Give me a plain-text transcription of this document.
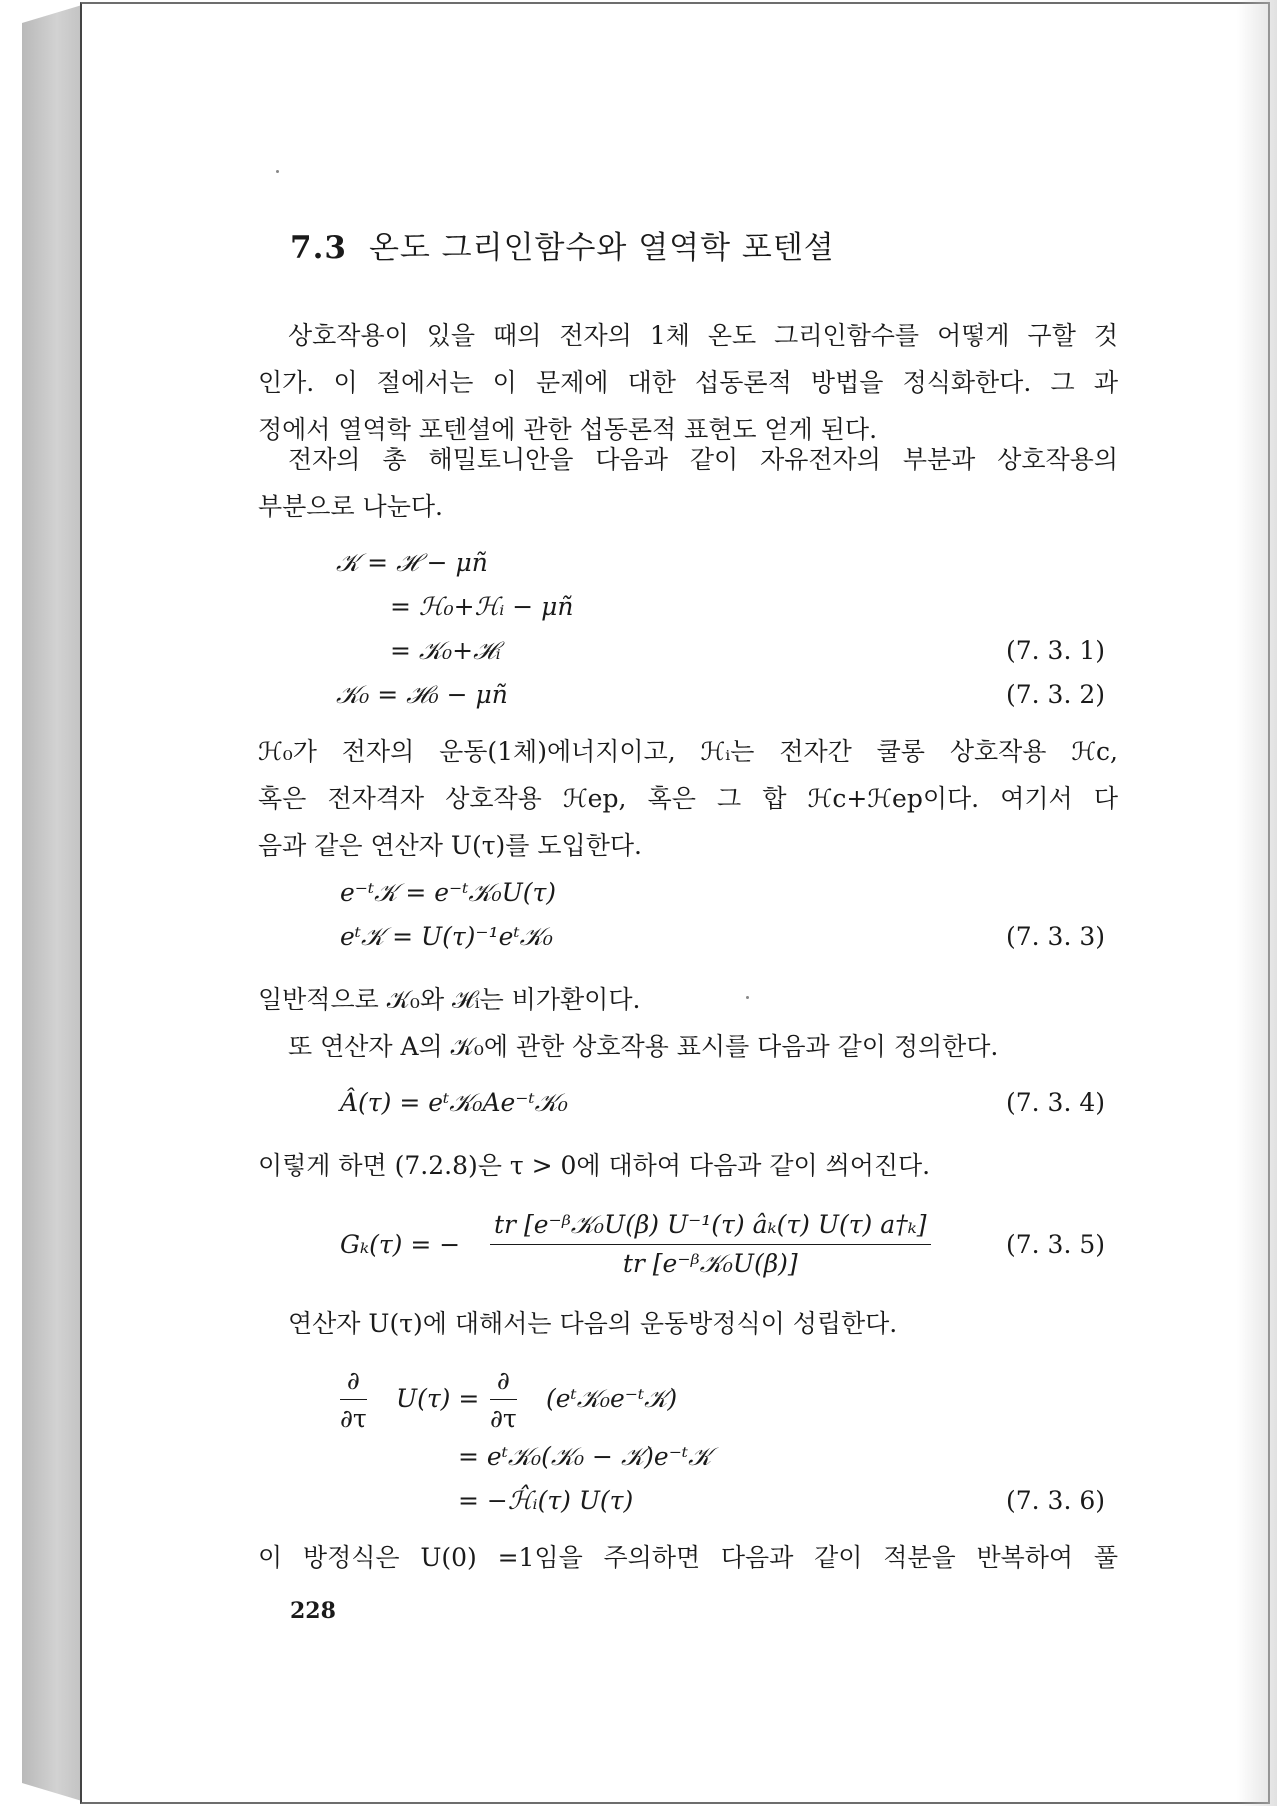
7.3 온도 그리인함수와 열역학 포텐셜
상호작용이 있을 때의 전자의 1체 온도 그리인함수를 어떻게 구할 것
인가. 이 절에서는 이 문제에 대한 섭동론적 방법을 정식화한다. 그 과
정에서 열역학 포텐셜에 관한 섭동론적 표현도 얻게 된다.
전자의 총 해밀토니안을 다음과 같이 자유전자의 부분과 상호작용의
부분으로 나눈다.
𝒦 = ℋ − μñ
= ℋ₀+ℋᵢ − μñ
= 𝒦₀+ℋᵢ	(7. 3. 1)
𝒦₀ = ℋ₀ − μñ	(7. 3. 2)
ℋ₀가 전자의 운동(1체)에너지이고, ℋᵢ는 전자간 쿨롱 상호작용 ℋc,
혹은 전자격자 상호작용 ℋep, 혹은 그 합 ℋc+ℋep이다. 여기서 다
음과 같은 연산자 U(τ)를 도입한다.
e⁻ᵗ𝒦 = e⁻ᵗ𝒦₀U(τ)
eᵗ𝒦 = U(τ)⁻¹eᵗ𝒦₀	(7. 3. 3)
일반적으로 𝒦₀와 ℋᵢ는 비가환이다.
또 연산자 A의 𝒦₀에 관한 상호작용 표시를 다음과 같이 정의한다.
Â(τ) = eᵗ𝒦₀Ae⁻ᵗ𝒦₀	(7. 3. 4)
이렇게 하면 (7.2.8)은 τ > 0에 대하여 다음과 같이 씌어진다.
Gₖ(τ) = −
tr [e⁻ᵝ𝒦₀U(β) U⁻¹(τ) âₖ(τ) U(τ) a†ₖ]
tr [e⁻ᵝ𝒦₀U(β)]
(7. 3. 5)
연산자 U(τ)에 대해서는 다음의 운동방정식이 성립한다.
∂
∂τ
U(τ) =
∂
∂τ
(eᵗ𝒦₀e⁻ᵗ𝒦)
= eᵗ𝒦₀(𝒦₀ − 𝒦)e⁻ᵗ𝒦
= −ℋ̂ᵢ(τ) U(τ)	(7. 3. 6)
이 방정식은 U(0) =1임을 주의하면 다음과 같이 적분을 반복하여 풀
228
